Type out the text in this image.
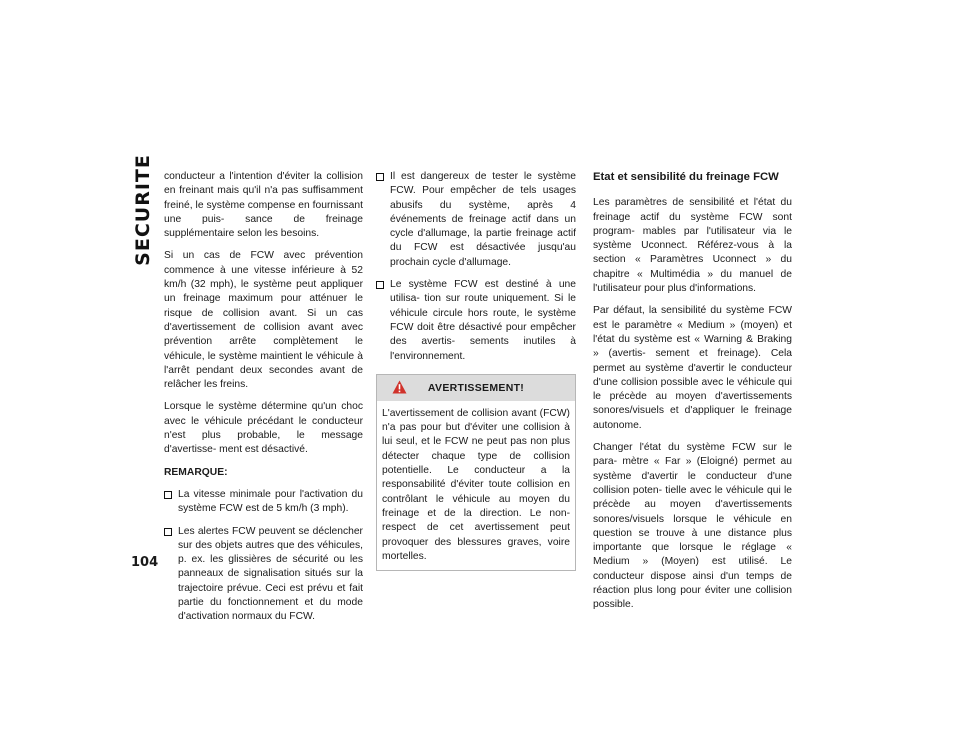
SECURITE
104

conducteur a l'intention d'éviter la collision en freinant mais qu'il n'a pas suffisamment freiné, le système compense en fournissant une puis- sance de freinage supplémentaire selon les besoins.

Si un cas de FCW avec prévention commence à une vitesse inférieure à 52 km/h (32 mph), le système peut appliquer un freinage maximum pour atténuer le risque de collision avant. Si un cas d'avertissement de collision avant avec prévention arrête complètement le véhicule, le système maintient le véhicule à l'arrêt pendant deux secondes avant de relâcher les freins.

Lorsque le système détermine qu'un choc avec le véhicule précédant le conducteur n'est plus probable, le message d'avertisse- ment est désactivé.

REMARQUE:

La vitesse minimale pour l'activation du système FCW est de 5 km/h (3 mph).
Les alertes FCW peuvent se déclencher sur des objets autres que des véhicules, p. ex. les glissières de sécurité ou les panneaux de signalisation situés sur la trajectoire prévue. Ceci est prévu et fait partie du fonctionnement et du mode d'activation normaux du FCW.
Il est dangereux de tester le système FCW. Pour empêcher de tels usages abusifs du système, après 4 événements de freinage actif dans un cycle d'allumage, la partie freinage actif du FCW est désactivée jusqu'au prochain cycle d'allumage.
Le système FCW est destiné à une utilisa- tion sur route uniquement. Si le véhicule circule hors route, le système FCW doit être désactivé pour empêcher des avertis- sements inutiles à l'environnement.
AVERTISSEMENT!
L'avertissement de collision avant (FCW) n'a pas pour but d'éviter une collision à lui seul, et le FCW ne peut pas non plus détecter chaque type de collision potentielle. Le conducteur a la responsabilité d'éviter toute collision en contrôlant le véhicule au moyen du freinage et de la direction. Le non-respect de cet avertissement peut provoquer des blessures graves, voire mortelles.
Etat et sensibilité du freinage FCW

Les paramètres de sensibilité et l'état du freinage actif du système FCW sont program- mables par l'utilisateur via le système Uconnect. Référez-vous à la section « Paramètres Uconnect » du chapitre « Multimédia » du manuel de l'utilisateur pour plus d'informations.

Par défaut, la sensibilité du système FCW est le paramètre « Medium » (moyen) et l'état du système est « Warning & Braking » (avertis- sement et freinage). Cela permet au système d'avertir le conducteur d'une collision possible avec le véhicule qui le précède au moyen d'avertissements sonores/visuels et d'appliquer le freinage autonome.

Changer l'état du système FCW sur le para- mètre « Far » (Eloigné) permet au système d'avertir le conducteur d'une collision poten- tielle avec le véhicule qui le précède au moyen d'avertissements sonores/visuels lorsque le véhicule en question se trouve à une distance plus importante que lorsque le réglage « Medium » (Moyen) est utilisé. Le conducteur dispose ainsi d'un temps de réaction plus long pour éviter une collision possible.
